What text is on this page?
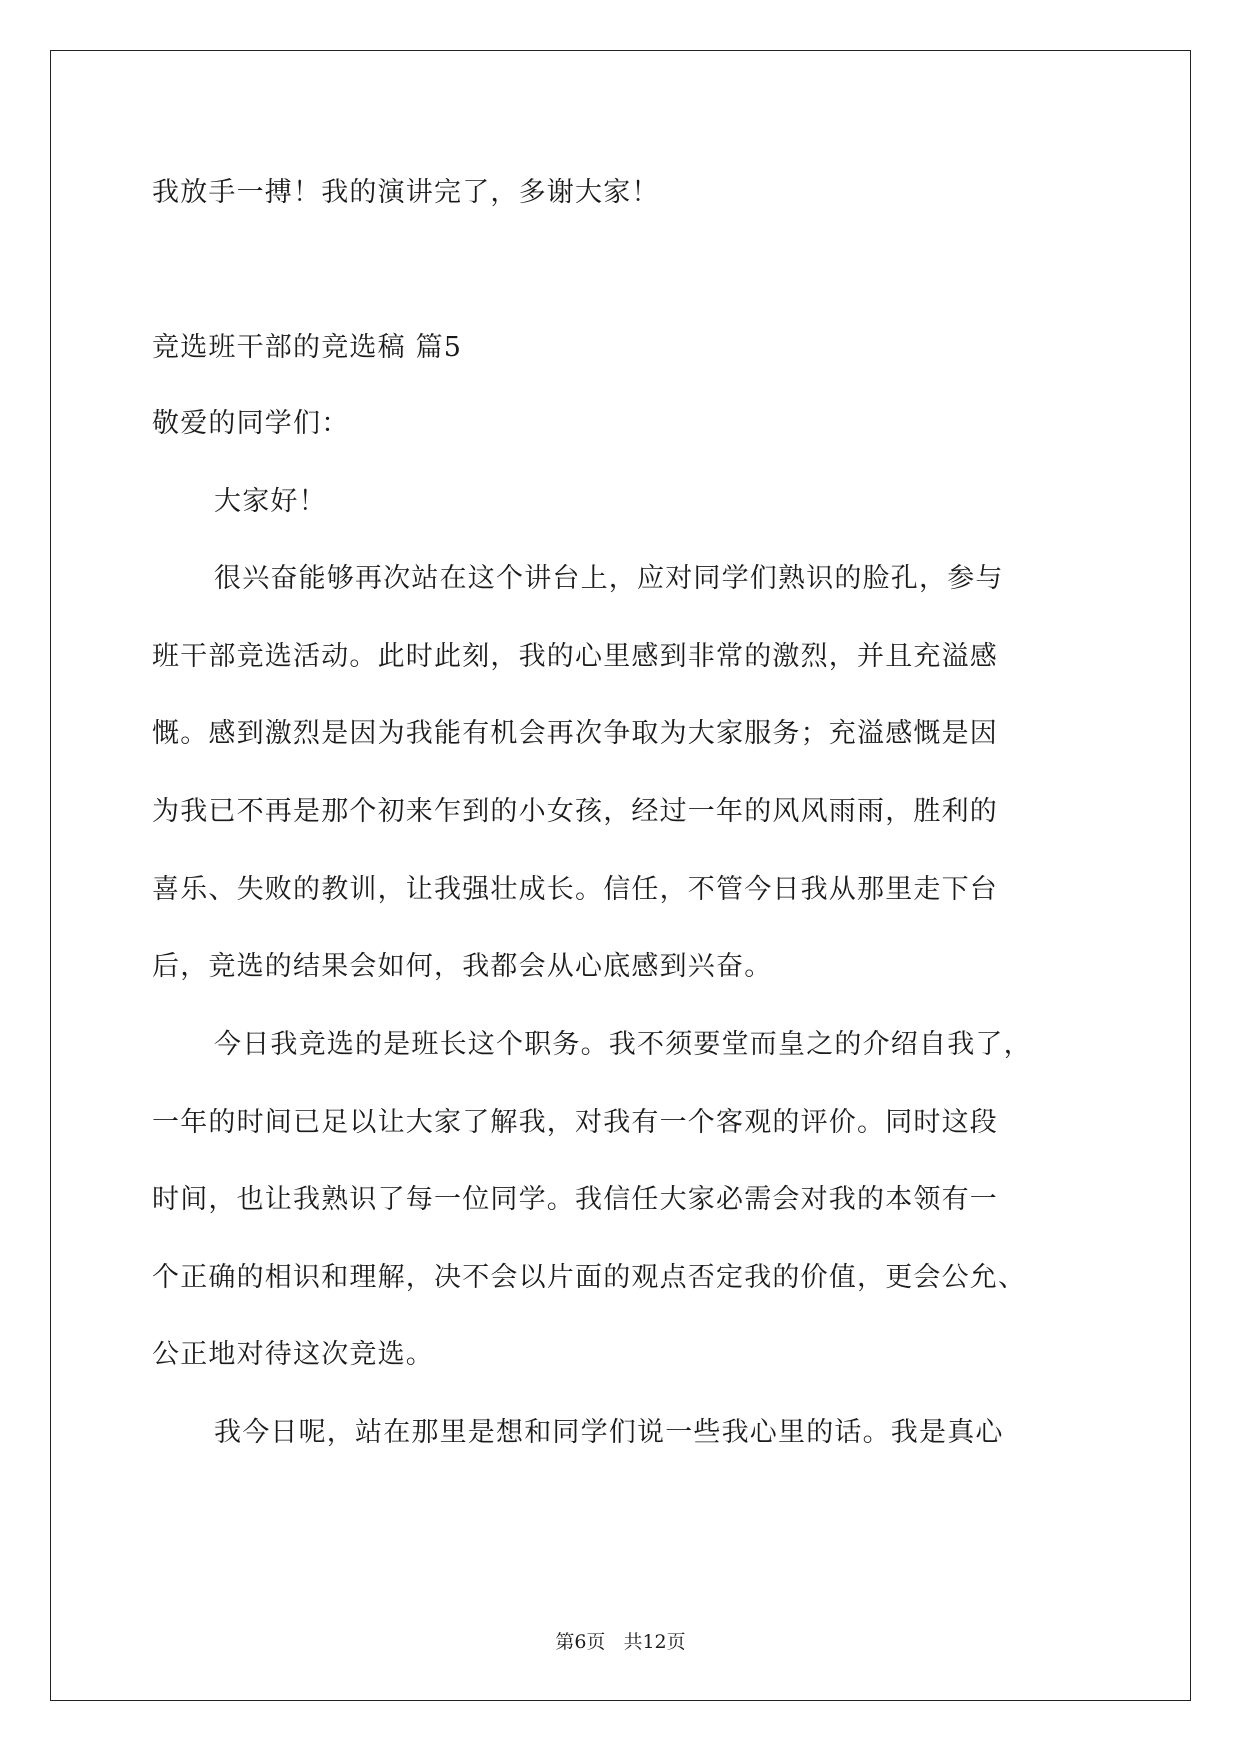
我放手一搏！我的演讲完了，多谢大家！
竞选班干部的竞选稿 篇5
敬爱的同学们：
大家好！
很兴奋能够再次站在这个讲台上，应对同学们熟识的脸孔，参与
班干部竞选活动。此时此刻，我的心里感到非常的激烈，并且充溢感
慨。感到激烈是因为我能有机会再次争取为大家服务；充溢感慨是因
为我已不再是那个初来乍到的小女孩，经过一年的风风雨雨，胜利的
喜乐、失败的教训，让我强壮成长。信任，不管今日我从那里走下台
后，竞选的结果会如何，我都会从心底感到兴奋。
今日我竞选的是班长这个职务。我不须要堂而皇之的介绍自我了，
一年的时间已足以让大家了解我，对我有一个客观的评价。同时这段
时间，也让我熟识了每一位同学。我信任大家必需会对我的本领有一
个正确的相识和理解，决不会以片面的观点否定我的价值，更会公允、
公正地对待这次竞选。
我今日呢，站在那里是想和同学们说一些我心里的话。我是真心
第6页 共12页
